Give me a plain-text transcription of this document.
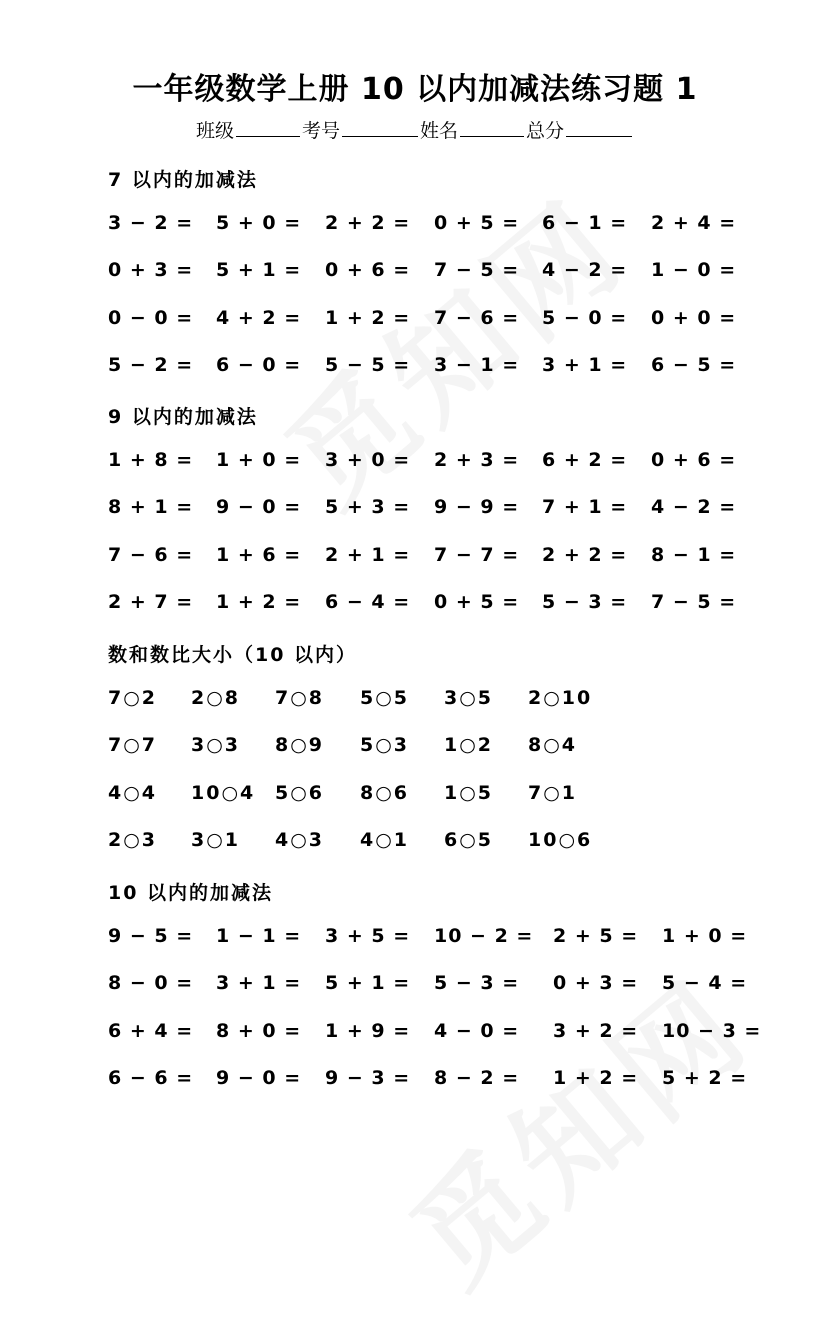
一年级数学上册 10 以内加减法练习题 1
班级	考号	姓名	总分
7 以内的加减法
3 − 2 = 5 + 0 = 2 + 2 = 0 + 5 = 6 − 1 = 2 + 4 =
0 + 3 = 5 + 1 = 0 + 6 = 7 − 5 = 4 − 2 = 1 − 0 =
0 − 0 = 4 + 2 = 1 + 2 = 7 − 6 = 5 − 0 = 0 + 0 =
5 − 2 = 6 − 0 = 5 − 5 = 3 − 1 = 3 + 1 = 6 − 5 =
9 以内的加减法
1 + 8 = 1 + 0 = 3 + 0 = 2 + 3 = 6 + 2 = 0 + 6 =
8 + 1 = 9 − 0 = 5 + 3 = 9 − 9 = 7 + 1 = 4 − 2 =
7 − 6 = 1 + 6 = 2 + 1 = 7 − 7 = 2 + 2 = 8 − 1 =
2 + 7 = 1 + 2 = 6 − 4 = 0 + 5 = 5 − 3 = 7 − 5 =
数和数比大小（10 以内）
7○2 2○8 7○8 5○5 3○5 2○10
7○7 3○3 8○9 5○3 1○2 8○4
4○4 10○4 5○6 8○6 1○5 7○1
2○3 3○1 4○3 4○1 6○5 10○6
10 以内的加减法
9 − 5 = 1 − 1 = 3 + 5 = 10 − 2 = 2 + 5 = 1 + 0 =
8 − 0 = 3 + 1 = 5 + 1 = 5 − 3 = 0 + 3 = 5 − 4 =
6 + 4 = 8 + 0 = 1 + 9 = 4 − 0 = 3 + 2 = 10 − 3 =
6 − 6 = 9 − 0 = 9 − 3 = 8 − 2 = 1 + 2 = 5 + 2 =
